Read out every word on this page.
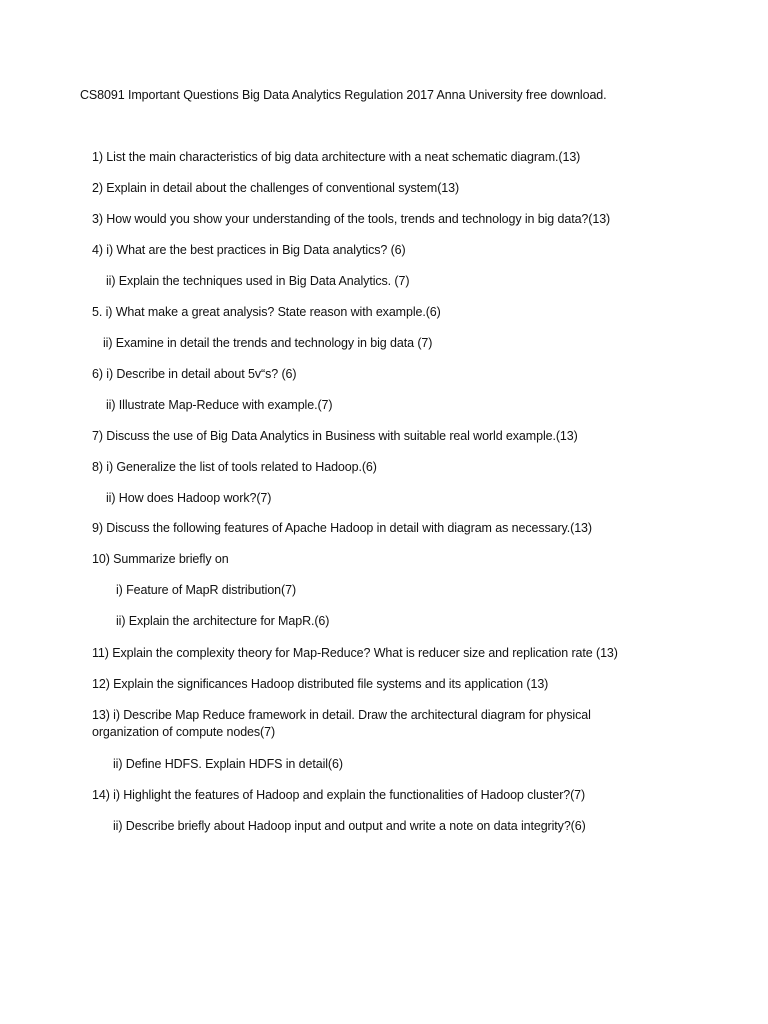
CS8091 Important Questions Big Data Analytics Regulation 2017 Anna University free download.
1) List the main characteristics of big data architecture with a neat schematic diagram.(13)
2) Explain in detail about the challenges of conventional system(13)
3) How would you show your understanding of the tools, trends and technology in big data?(13)
4) i) What are the best practices in Big Data analytics? (6)
ii) Explain the techniques used in Big Data Analytics. (7)
5. i) What make a great analysis? State reason with example.(6)
ii) Examine in detail the trends and technology in big data (7)
6) i) Describe in detail about 5v“s? (6)
ii) Illustrate Map-Reduce with example.(7)
7) Discuss the use of Big Data Analytics in Business with suitable real world example.(13)
8) i) Generalize the list of tools related to Hadoop.(6)
ii) How does Hadoop work?(7)
9) Discuss the following features of Apache Hadoop in detail with diagram as necessary.(13)
10) Summarize briefly on
i) Feature of MapR distribution(7)
ii) Explain the architecture for MapR.(6)
11) Explain the complexity theory for Map-Reduce? What is reducer size and replication rate (13)
12) Explain the significances Hadoop distributed file systems and its application (13)
13) i) Describe Map Reduce framework in detail. Draw the architectural diagram for physical organization of compute nodes(7)
ii) Define HDFS. Explain HDFS in detail(6)
14) i) Highlight the features of Hadoop and explain the functionalities of Hadoop cluster?(7)
ii) Describe briefly about Hadoop input and output and write a note on data integrity?(6)
